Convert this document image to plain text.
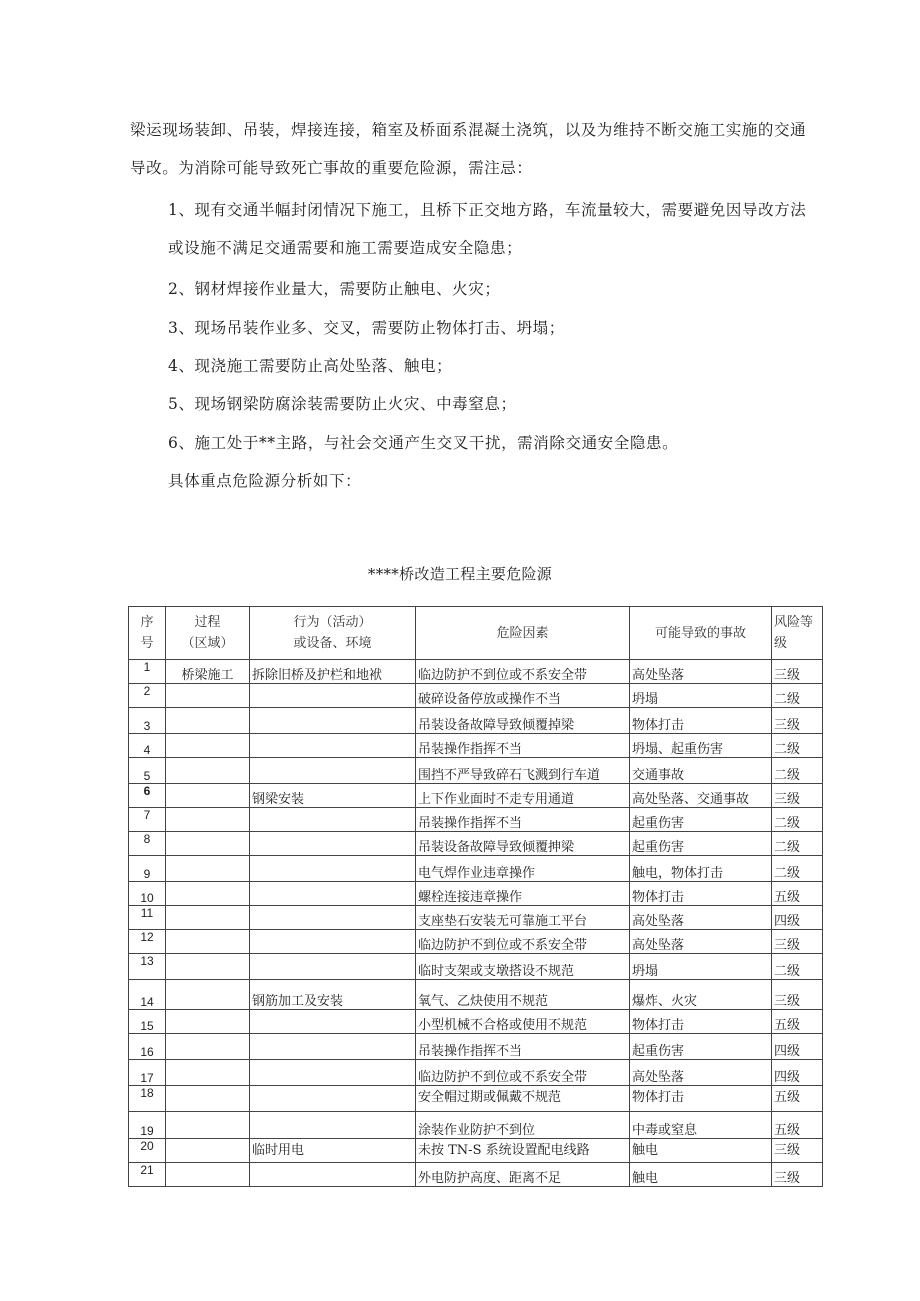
梁运现场装卸、吊装，焊接连接，箱室及桥面系混凝土浇筑，以及为维持不断交施工实施的交通导改。为消除可能导致死亡事故的重要危险源，需注忌：

1、现有交通半幅封闭情况下施工，且桥下正交地方路，车流量较大，需要避免因导改方法或设施不满足交通需要和施工需要造成安全隐患；

2、钢材焊接作业量大，需要防止触电、火灾；

3、现场吊装作业多、交叉，需要防止物体打击、坍塌；

4、现浇施工需要防止高处坠落、触电；

5、现场钢梁防腐涂装需要防止火灾、中毒窒息；

6、施工处于**主路，与社会交通产生交叉干扰，需消除交通安全隐患。

具体重点危险源分析如下：

****桥改造工程主要危险源
序
号	过程
（区域）	行为（活动）
或设备、环境	危险因素	可能导致的事故	风险等
级

1	桥梁施工	拆除旧桥及护栏和地袱	临边防护不到位或不系安全带	高处坠落	三级
2			破碎设备停放或操作不当	坍塌	二级
3			吊装设备故障导致倾覆掉梁	物体打击	三级
4			吊装操作指挥不当	坍塌、起重伤害	二级
5			围挡不严导致碎石飞溅到行车道	交通事故	二级
6		钢梁安装	上下作业面时不走专用通道	高处坠落、交通事故	三级
7			吊装操作指挥不当	起重伤害	二级
8			吊装设备故障导致倾覆抻梁	起重伤害	二级
9			电气焊作业违章操作	触电，物体打击	二级
10			螺栓连接违章操作	物体打击	五级
11			支座垫石安装无可靠施工平台	高处坠落	四级
12			临边防护不到位或不系安全带	高处坠落	三级
13			临时支架或支墩搭设不规范	坍塌	二级
14		钢筋加工及安装	氧气、乙炔使用不规范	爆炸、火灾	三级
15			小型机械不合格或使用不规范	物体打击	五级
16			吊装操作指挥不当	起重伤害	四级
17			临边防护不到位或不系安全带	高处坠落	四级
18			安全帽过期或佩戴不规范	物体打击	五级
19			涂装作业防护不到位	中毒或窒息	五级
20		临时用电	未按 TN-S 系统设置配电线路	触电	三级
21			外电防护高度、距离不足	触电	三级
